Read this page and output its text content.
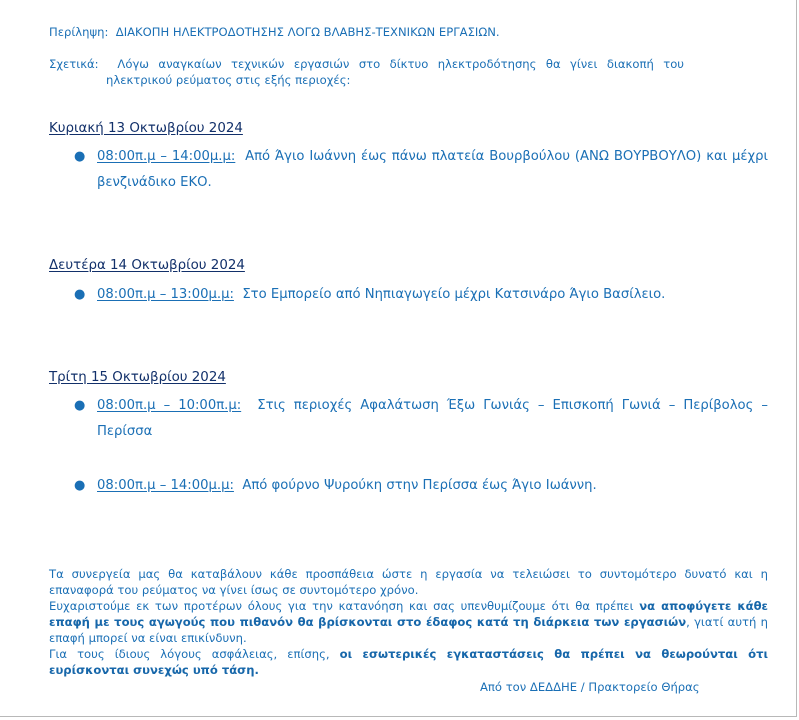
Περίληψη: ΔΙΑΚΟΠΗ ΗΛΕΚΤΡΟΔΟΤΗΣΗΣ ΛΟΓΩ ΒΛΑΒΗΣ-ΤΕΧΝΙΚΩΝ ΕΡΓΑΣΙΩΝ.
Σχετικά: Λόγω αναγκαίων τεχνικών εργασιών στο δίκτυο ηλεκτροδότησης θα γίνει διακοπή του
ηλεκτρικού ρεύματος στις εξής περιοχές:
Κυριακή 13 Οκτωβρίου 2024
● 08:00π.μ – 14:00μ.μ: Από Άγιο Ιωάννη έως πάνω πλατεία Βουρβούλου (ΑΝΩ ΒΟΥΡΒΟΥΛΟ) και μέχρι βενζινάδικο ΕΚΟ.
Δευτέρα 14 Οκτωβρίου 2024
● 08:00π.μ – 13:00μ.μ: Στο Εμπορείο από Νηπιαγωγείο μέχρι Κατσινάρο Άγιο Βασίλειο.
Τρίτη 15 Οκτωβρίου 2024
● 08:00π.μ – 10:00π.μ: Στις περιοχές Αφαλάτωση Έξω Γωνιάς – Επισκοπή Γωνιά – Περίβολος – Περίσσα
● 08:00π.μ – 14:00μ.μ: Από φούρνο Ψυρούκη στην Περίσσα έως Άγιο Ιωάννη.

Τα συνεργεία μας θα καταβάλουν κάθε προσπάθεια ώστε η εργασία να τελειώσει το συντομότερο δυνατό και η επαναφορά του ρεύματος να γίνει ίσως σε συντομότερο χρόνο.

Ευχαριστούμε εκ των προτέρων όλους για την κατανόηση και σας υπενθυμίζουμε ότι θα πρέπει να αποφύγετε κάθε επαφή με τους αγωγούς που πιθανόν θα βρίσκονται στο έδαφος κατά τη διάρκεια των εργασιών, γιατί αυτή η επαφή μπορεί να είναι επικίνδυνη.

Για τους ίδιους λόγους ασφάλειας, επίσης, οι εσωτερικές εγκαταστάσεις θα πρέπει να θεωρούνται ότι ευρίσκονται συνεχώς υπό τάση.

Από τον ΔΕΔΔΗΕ / Πρακτορείο Θήρας
